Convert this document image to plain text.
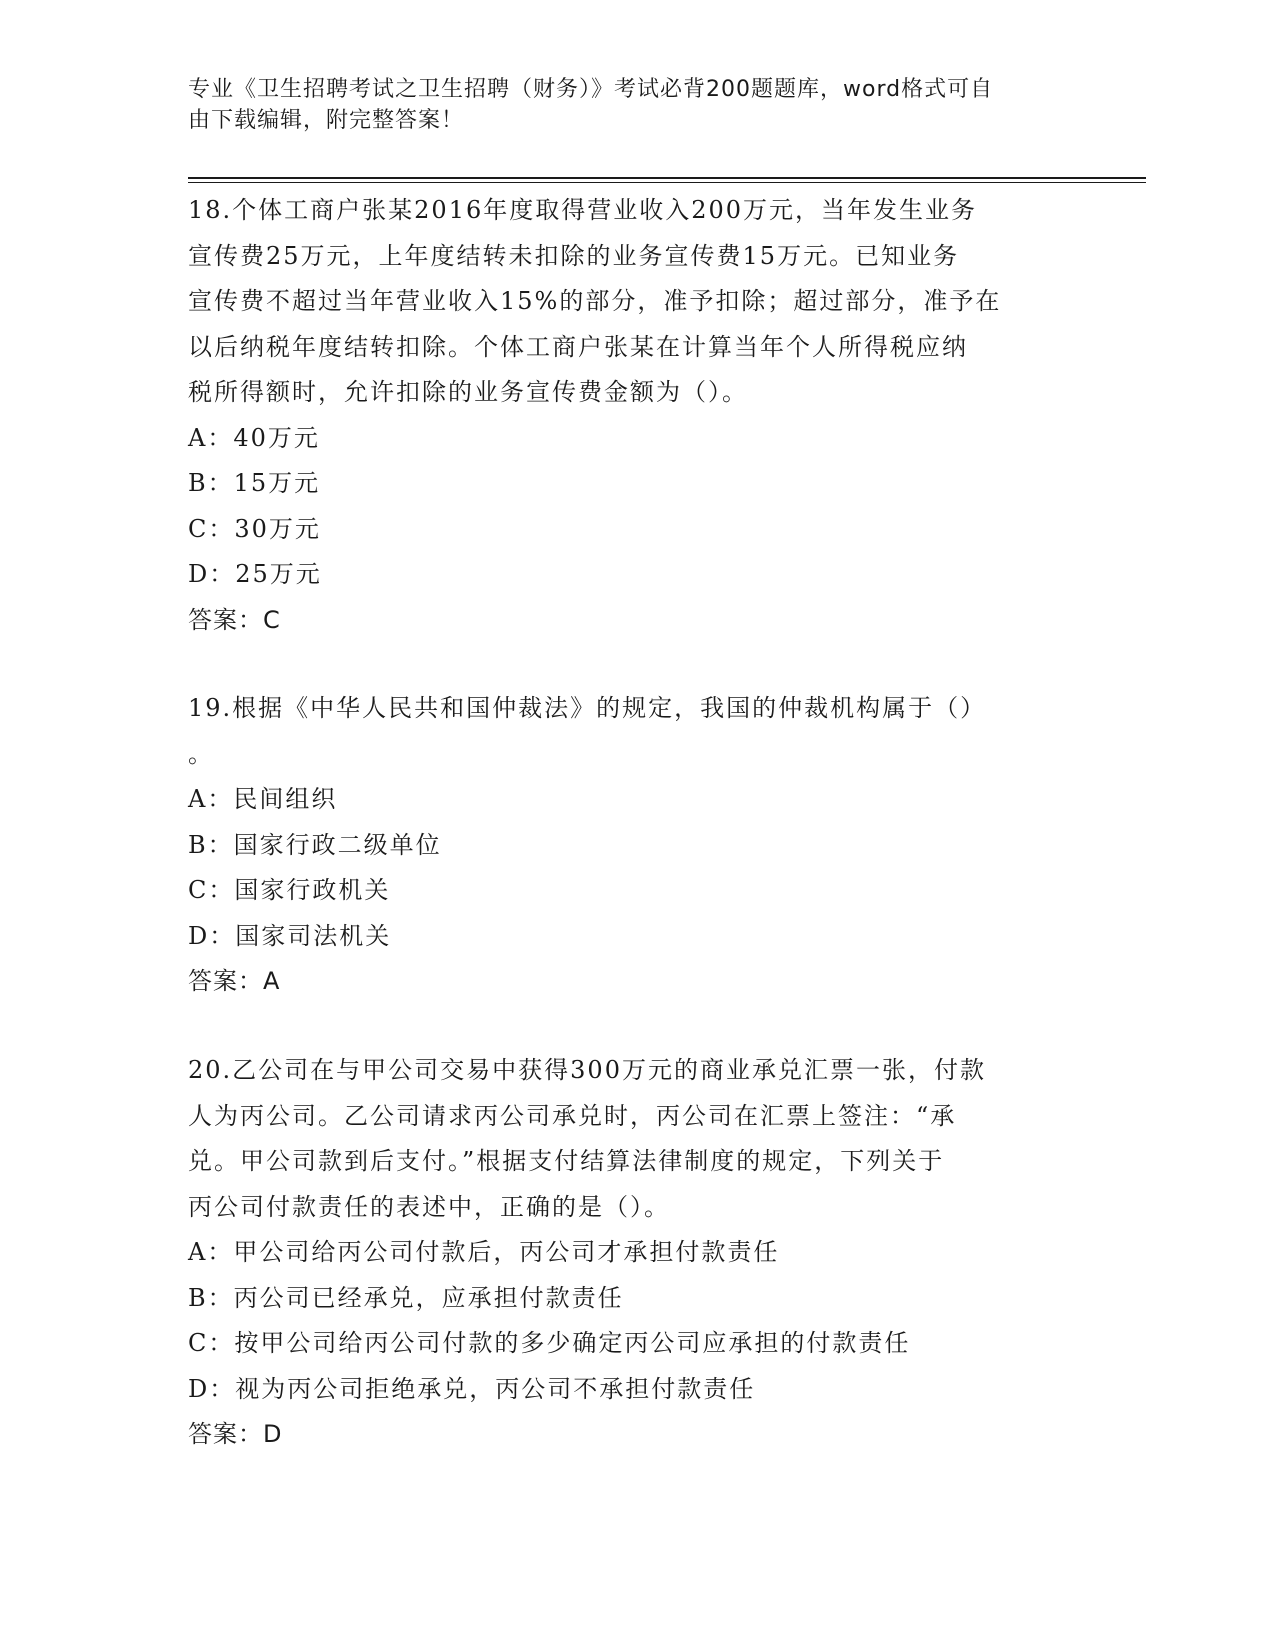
专业《卫生招聘考试之卫生招聘（财务）》考试必背200题题库，word格式可自
由下载编辑，附完整答案！

18.个体工商户张某2016年度取得营业收入200万元，当年发生业务

宣传费25万元，上年度结转未扣除的业务宣传费15万元。已知业务

宣传费不超过当年营业收入15%的部分，准予扣除；超过部分，准予在

以后纳税年度结转扣除。个体工商户张某在计算当年个人所得税应纳

税所得额时，允许扣除的业务宣传费金额为（）。

A：40万元

B：15万元

C：30万元

D：25万元

答案：C

19.根据《中华人民共和国仲裁法》的规定，我国的仲裁机构属于（）

。

A：民间组织

B：国家行政二级单位

C：国家行政机关

D：国家司法机关

答案：A

20.乙公司在与甲公司交易中获得300万元的商业承兑汇票一张，付款

人为丙公司。乙公司请求丙公司承兑时，丙公司在汇票上签注：“承

兑。甲公司款到后支付。”根据支付结算法律制度的规定，下列关于

丙公司付款责任的表述中，正确的是（）。

A：甲公司给丙公司付款后，丙公司才承担付款责任

B：丙公司已经承兑，应承担付款责任

C：按甲公司给丙公司付款的多少确定丙公司应承担的付款责任

D：视为丙公司拒绝承兑，丙公司不承担付款责任

答案：D
